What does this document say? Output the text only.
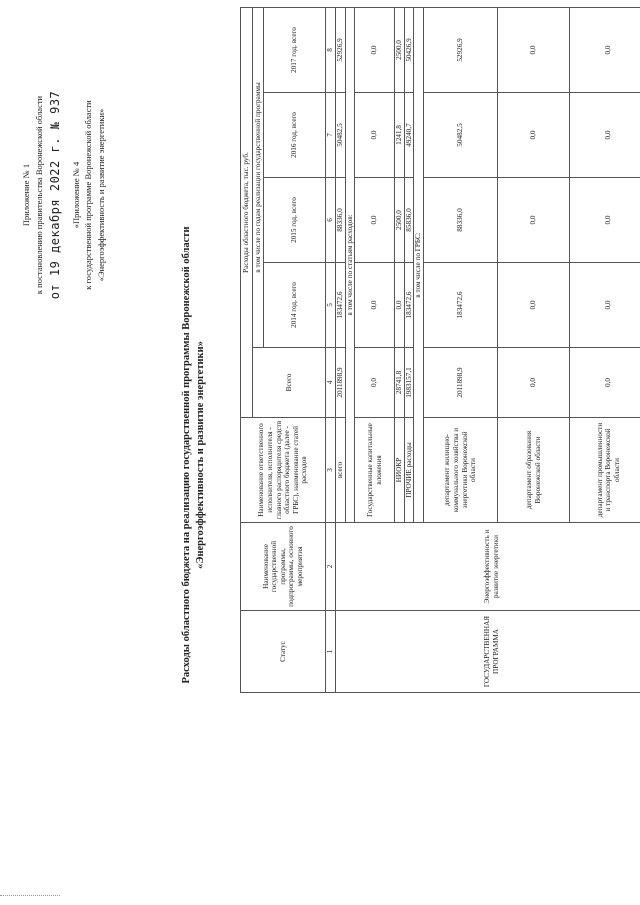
Приложение № 1 к постановлению правительства Воронежской области от 19 декабря 2022 г. № 937 «Приложение № 4 к государственной программе Воронежской области «Энергоэффективность и развитие энергетики»
Расходы областного бюджета на реализацию государственной программы Воронежской области «Энергоэффективность и развитие энергетики»
Статус	Наименование государственной программы, подпрограммы, основного мероприятия	Наименование ответственного исполнителя, исполнителя - главного распорядителя средств областного бюджета (далее - ГРБС), наименование статей расходов	Расходы областного бюджета, тыс. руб.				
			Всего	в том числе по годам реализации государственной программы			
				2014 год, всего	2015 год, всего	2016 год, всего	2017 год, всего
1	2	3	4	5	6	7	8
ГОСУДАРСТВЕННАЯ ПРОГРАММА	Энергоэффективность и развитие энергетики	всего	2011898,9	183472,6	88336,0	50482,5	52926,9
		в том числе по статьям расходов:					
		Государственные капитальные вложения	0,0	0,0	0,0	0,0	0,0
		НИОКР	28741,8	0,0	2500,0	1241,8	2500,0
		ПРОЧИЕ расходы	1983157,1	183472,6	85836,0	49240,7	50426,9
		в том числе по ГРБС:					
		департамент жилищно-коммунального хозяйства и энергетики Воронежской области	2011898,9	183472,6	88336,0	50482,5	52926,9
		департамент образования Воронежской области	0,0	0,0	0,0	0,0	0,0
		департамент промышленности и транспорта Воронежской области	0,0	0,0	0,0	0,0	0,0
